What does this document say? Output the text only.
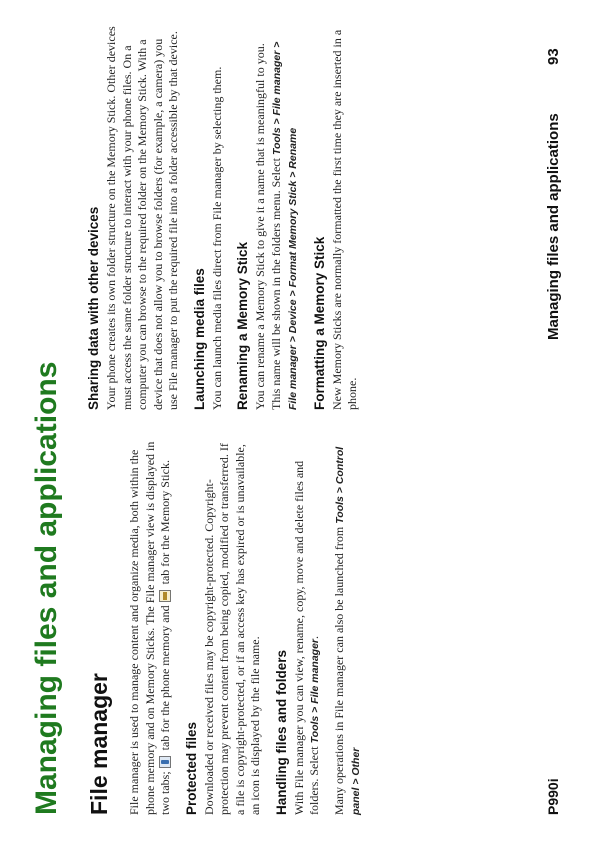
Managing files and applications File manager File manager is used to manage content and organize media, both within the phone memory and on Memory Sticks. The File manager view is displayed in two tabs;  tab for the phone memory and  tab for the Memory Stick.

Protected files Downloaded or received files may be copyright-protected. Copyright-protection may prevent content from being copied, modified or transferred. If a file is copyright-protected, or if an access key has expired or is unavailable, an icon is displayed by the file name. Handling files and folders With File manager you can view, rename, copy, move and delete files and folders. Select Tools > File manager. Many operations in File manager can also be launched from Tools > Control panel > Other

Sharing data with other devices Your phone creates its own folder structure on the Memory Stick. Other devices must access the same folder structure to interact with your phone files. On a computer you can browse to the required folder on the Memory Stick. With a device that does not allow you to browse folders (for example, a camera) you use File manager to put the required file into a folder accessible by that device. Launching media files You can launch media files direct from File manager by selecting them. Renaming a Memory Stick You can rename a Memory Stick to give it a name that is meaningful to you. This name will be shown in the folders menu. Select Tools > File manager > File manager > Device > Format Memory Stick > Rename Formatting a Memory Stick New Memory Sticks are normally formatted the first time they are inserted in a phone.

P990i
Managing files and applications
93
